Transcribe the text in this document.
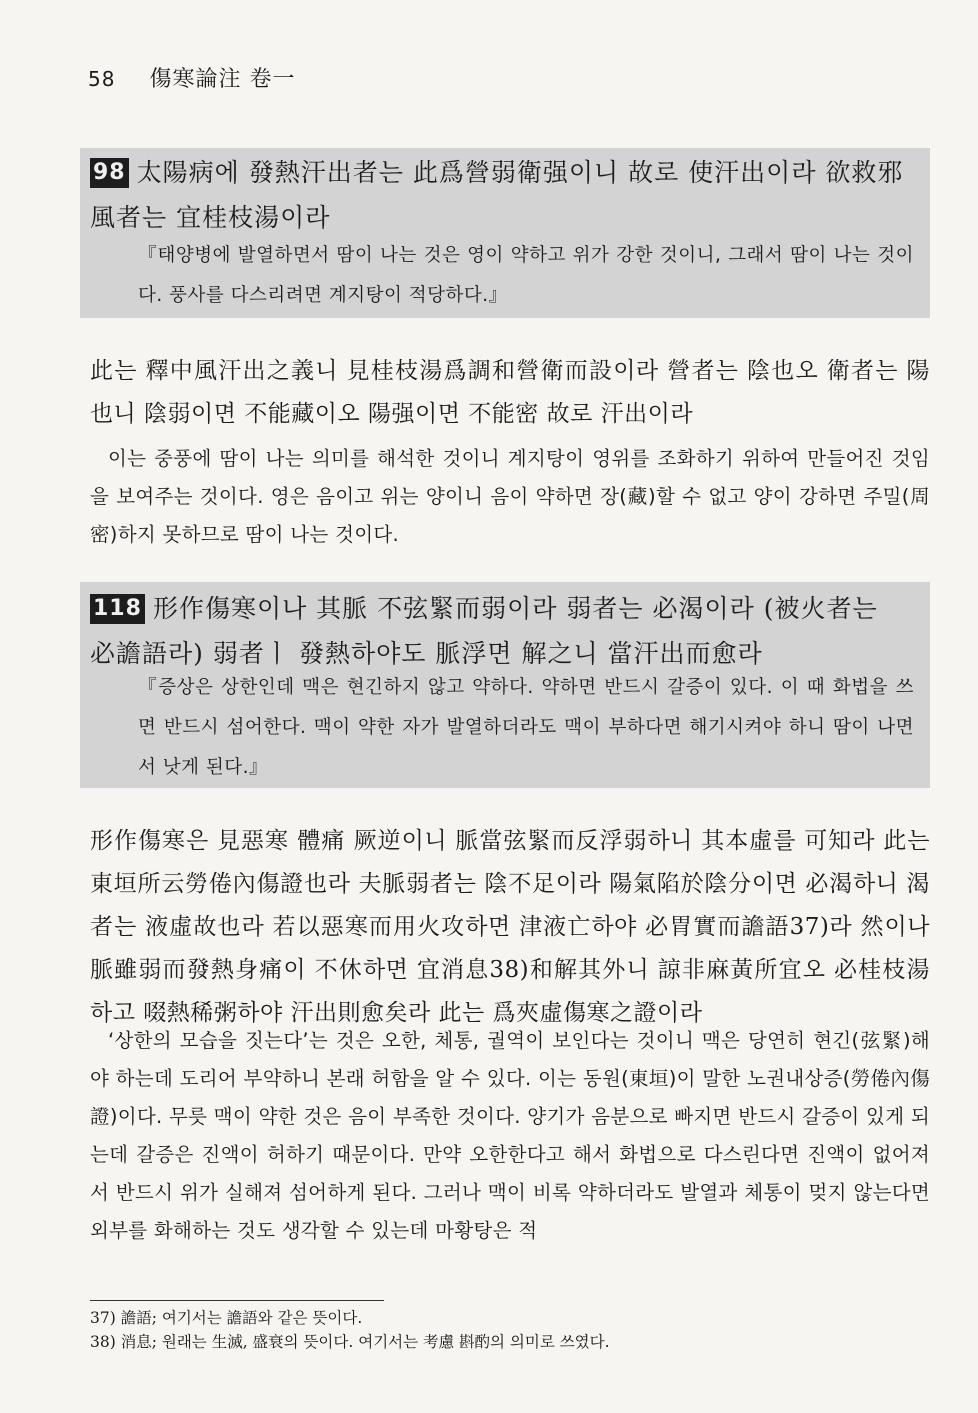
58 傷寒論注 卷一
98 太陽病에 發熱汗出者는 此爲營弱衛强이니 故로 使汗出이라 欲救邪風者는 宜桂枝湯이라
『태양병에 발열하면서 땀이 나는 것은 영이 약하고 위가 강한 것이니, 그래서 땀이 나는 것이다. 풍사를 다스리려면 계지탕이 적당하다.』
此는 釋中風汗出之義니 見桂枝湯爲調和營衛而設이라 營者는 陰也오 衛者는 陽也니 陰弱이면 不能藏이오 陽强이면 不能密 故로 汗出이라
이는 중풍에 땀이 나는 의미를 해석한 것이니 계지탕이 영위를 조화하기 위하여 만들어진 것임을 보여주는 것이다. 영은 음이고 위는 양이니 음이 약하면 장(藏)할 수 없고 양이 강하면 주밀(周密)하지 못하므로 땀이 나는 것이다.
118 形作傷寒이나 其脈 不弦緊而弱이라 弱者는 必渴이라 (被火者는 必譫語라) 弱者ㅣ 發熱하야도 脈浮면 解之니 當汗出而愈라
『증상은 상한인데 맥은 현긴하지 않고 약하다. 약하면 반드시 갈증이 있다. 이 때 화법을 쓰면 반드시 섬어한다. 맥이 약한 자가 발열하더라도 맥이 부하다면 해기시켜야 하니 땀이 나면서 낫게 된다.』
形作傷寒은 見惡寒 體痛 厥逆이니 脈當弦緊而反浮弱하니 其本虛를 可知라 此는 東垣所云勞倦內傷證也라 夫脈弱者는 陰不足이라 陽氣陷於陰分이면 必渴하니 渴者는 液虛故也라 若以惡寒而用火攻하면 津液亡하야 必胃實而譫語37)라 然이나 脈雖弱而發熱身痛이 不休하면 宜消息38)和解其外니 諒非麻黃所宜오 必桂枝湯하고 啜熱稀粥하야 汗出則愈矣라 此는 爲夾虛傷寒之證이라
‘상한의 모습을 짓는다’는 것은 오한, 체통, 궐역이 보인다는 것이니 맥은 당연히 현긴(弦緊)해야 하는데 도리어 부약하니 본래 허함을 알 수 있다. 이는 동원(東垣)이 말한 노권내상증(勞倦內傷證)이다. 무릇 맥이 약한 것은 음이 부족한 것이다. 양기가 음분으로 빠지면 반드시 갈증이 있게 되는데 갈증은 진액이 허하기 때문이다. 만약 오한한다고 해서 화법으로 다스린다면 진액이 없어져서 반드시 위가 실해져 섬어하게 된다. 그러나 맥이 비록 약하더라도 발열과 체통이 멎지 않는다면 외부를 화해하는 것도 생각할 수 있는데 마황탕은 적
37) 譫語; 여기서는 譫語와 같은 뜻이다.
38) 消息; 원래는 生滅, 盛衰의 뜻이다. 여기서는 考慮 斟酌의 의미로 쓰였다.
